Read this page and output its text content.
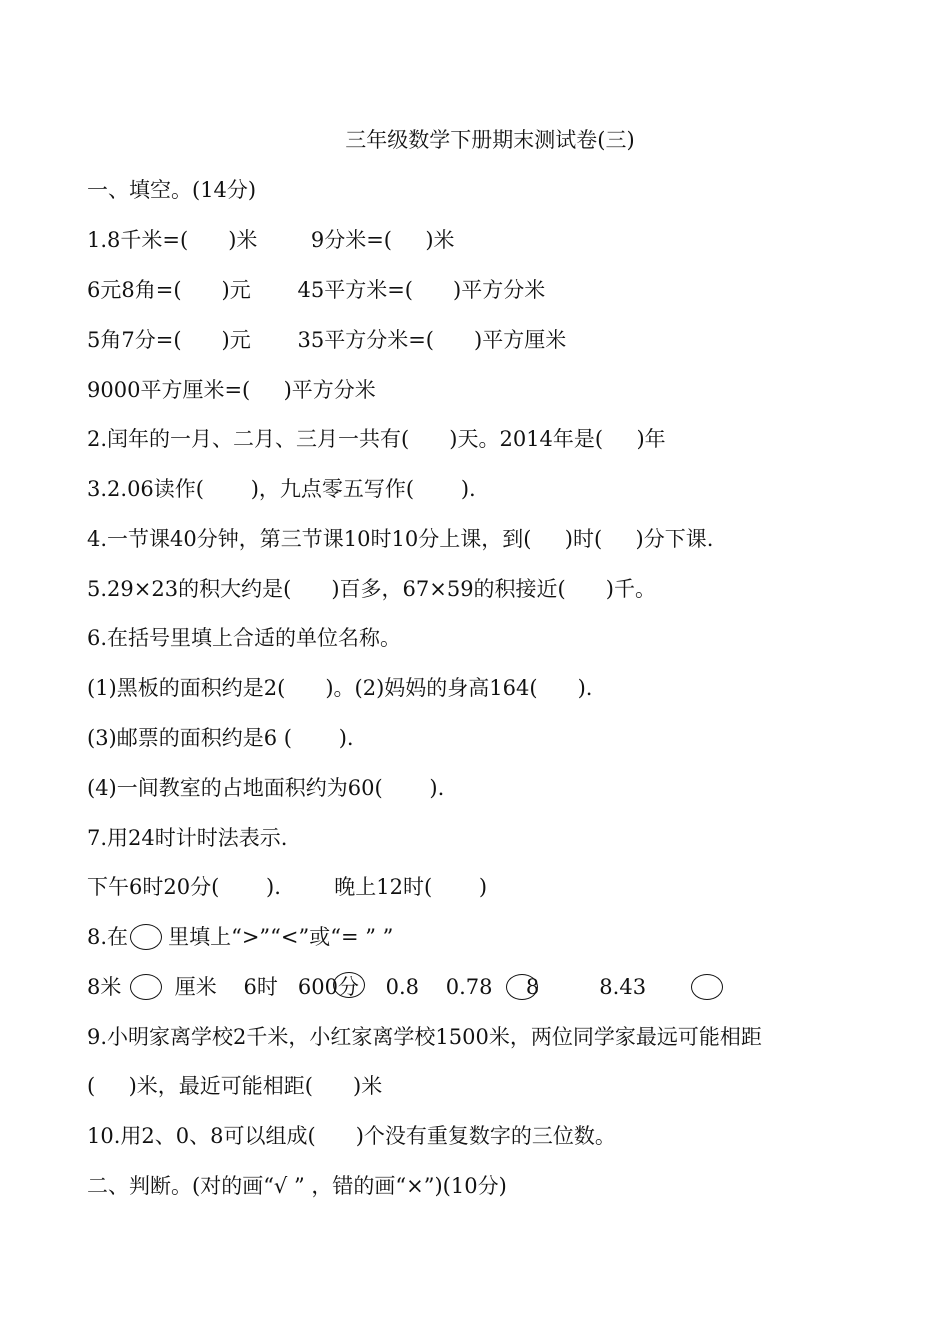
三年级数学下册期末测试卷(三)
一、填空。(14分)
1.8千米=(      )米        9分米=(     )米
6元8角=(      )元       45平方米=(      )平方分米
5角7分=(      )元       35平方分米=(      )平方厘米
9000平方厘米=(     )平方分米
2.闰年的一月、二月、三月一共有(      )天。2014年是(     )年
3.2.06读作(       )，九点零五写作(       ).
4.一节课40分钟，第三节课10时10分上课，到(     )时(     )分下课.
5.29×23的积大约是(      )百多，67×59的积接近(      )千。
6.在括号里填上合适的单位名称。
(1)黑板的面积约是2(      )。(2)妈妈的身高164(      ).
(3)邮票的面积约是6 (       ).
(4)一间教室的占地面积约为60(       ).
7.用24时计时法表示.
下午6时20分(       ).        晚上12时(       )
8.在      里填上“>”“<”或“= ” ”
8米        厘米    6时   600分    0.8    0.78     8         8.43
9.小明家离学校2千米，小红家离学校1500米，两位同学家最远可能相距
(     )米，最近可能相距(      )米
10.用2、0、8可以组成(      )个没有重复数字的三位数。
二、判断。(对的画“√ ” ，错的画“×”)(10分)
